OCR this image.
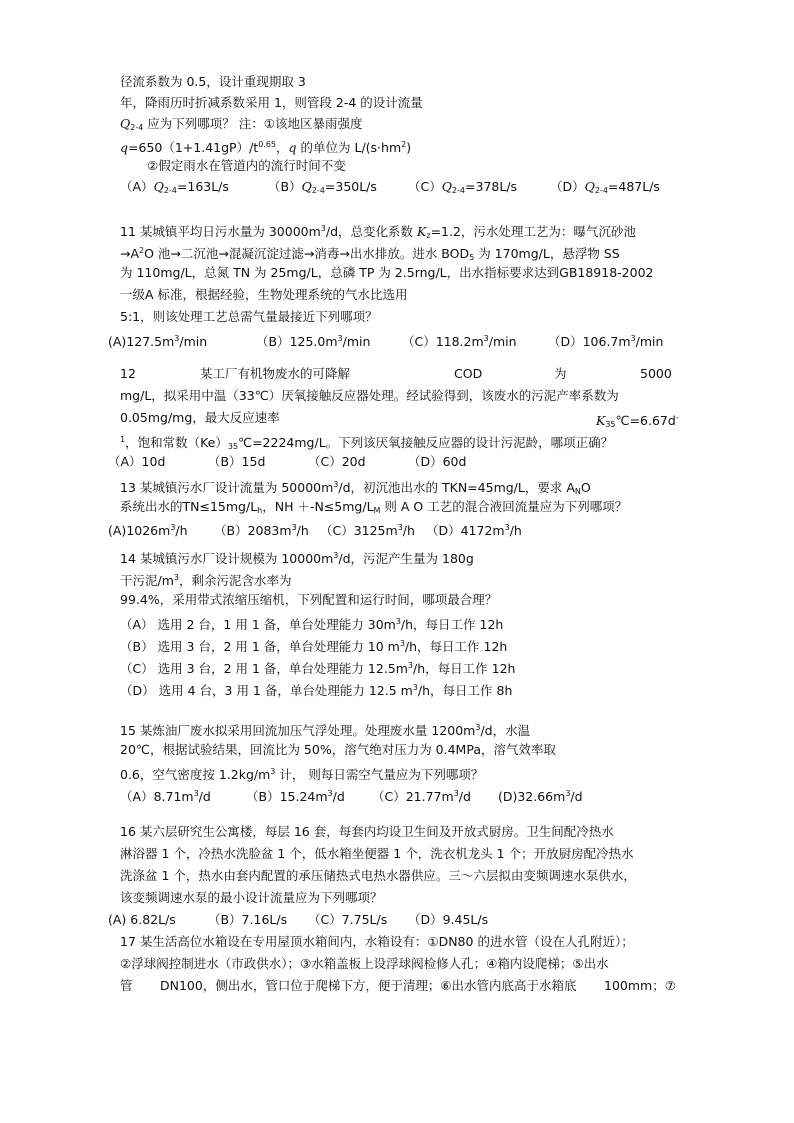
径流系数为 0.5，设计重现期取 3
年，降雨历时折减系数采用 1，则管段 2-4 的设计流量
$Q_{2-4}$ 应为下列哪项？ 注：①该地区暴雨强度
$q=650(1+1.41gP)/t^{0.65}$，q 的单位为 $L/(s\cdot hm^2)$
②假定雨水在管道内的流行时间不变
$(A)Q_{2-4}=163L/s$	$(B)Q_{2-4}=350L/s$ $(C)Q_{2-4}=378L/s$	$(D)Q_{2-4}=487L/s$
11 某城镇平均日污水量为 $30000m^3/d$，总变化系数 $K_z=1.2$，污水处理工艺为：曝气沉砂池
$\to A^2O$ 池→二沉池→混凝沉淀过滤→消毒→出水排放。进水 $BOD_5$ 为 170mg/L，悬浮物 SS
为 110mg/L，总氮 TN 为 25mg/L，总磷 TP 为 2.5rng/L，出水指标要求达到GB18918-2002
一级A 标准，根据经验，生物处理系统的气水比选用
5:1，则该处理工艺总需气量最接近下列哪项？
$(A)127.5m^3/\min$	$(B)125.0m^3/\min$	$(C)118.2m^3/\min$	$(D)106.7m^3/\min$
12	某工厂有机物废水的可降解	COD	为	5000
mg/L，拟采用中温（33℃）厌氧接触反应器处理。经试验得到，该废水的污泥产率系数为
0.05mg/mg，最大反应速率	$K_{35}℃=6.67d^-$
$^1$，饱和常数$(Ke)_{35}℃=2224mg/L$。下列该厌氧接触反应器的设计污泥龄，哪项正确？
（A）10d	（B）15d	（C）20d	（D）60d
13 某城镇污水厂设计流量为 $50000m^3/d$，初沉池出水的 TKN=45mg/L，要求 $A_NO$
系统出水的$TN\le 15mg/L_h$，NH $+-N\le 5mg/L_M$ 则 A O 工艺的混合液回流量应为下列哪项？
$(A)1026m^3/h$ $(B)2083m^3/h$ $(C)3125m^3/h$ $(D)4172m^3/h$
14 某城镇污水厂设计规模为 $10000m^3/d$，污泥产生量为 180g
干污泥$/m^3$，剩余污泥含水率为
99.4%，采用带式浓缩压缩机，下列配置和运行时间，哪项最合理？
（A） 选用 2 台，1 用 1 备，单台处理能力 $30m^3/h$，每日工作 12h
（B） 选用 3 台，2 用 1 备，单台处理能力 10 $m^3/h$，每日工作 12h
（C） 选用 3 台，2 用 1 备，单台处理能力 $12.5m^3/h$，每日工作 12h
（D） 选用 4 台，3 用 1 备，单台处理能力 12.5 $m^3/h$，每日工作 8h
15 某炼油厂废水拟采用回流加压气浮处理。处理废水量 $1200m^3/d$，水温
20℃，根据试验结果，回流比为 50%，溶气绝对压力为 0.4MPa，溶气效率取
0.6，空气密度按 $1.2kg/m^3$ 计， 则每日需空气量应为下列哪项？
$(A)8.71m^3/d$	$(B)15.24m^3/d$ $(C)21.77m^3/d$ $(D)32.66m^3/d$
16 某六层研究生公寓楼，每层 16 套，每套内均设卫生间及开放式厨房。卫生间配冷热水
淋浴器 1 个，冷热水洗脸盆 1 个，低水箱坐便器 1 个，洗衣机龙头 1 个；开放厨房配冷热水
洗涤盆 1 个，热水由套内配置的承压储热式电热水器供应。三～六层拟由变频调速水泵供水，
该变频调速水泵的最小设计流量应为下列哪项？
(A) 6.82L/s	（B）7.16L/s （C）7.75L/s （D）9.45L/s
17 某生活高位水箱设在专用屋顶水箱间内，水箱设有：①DN80 的进水管（设在人孔附近）；
②浮球阀控制进水（市政供水）；③水箱盖板上设浮球阀检修人孔；④箱内设爬梯；⑤出水
管 DN100，侧出水，管口位于爬梯下方，便于清理；⑥出水管内底高于水箱底 100mm；⑦
